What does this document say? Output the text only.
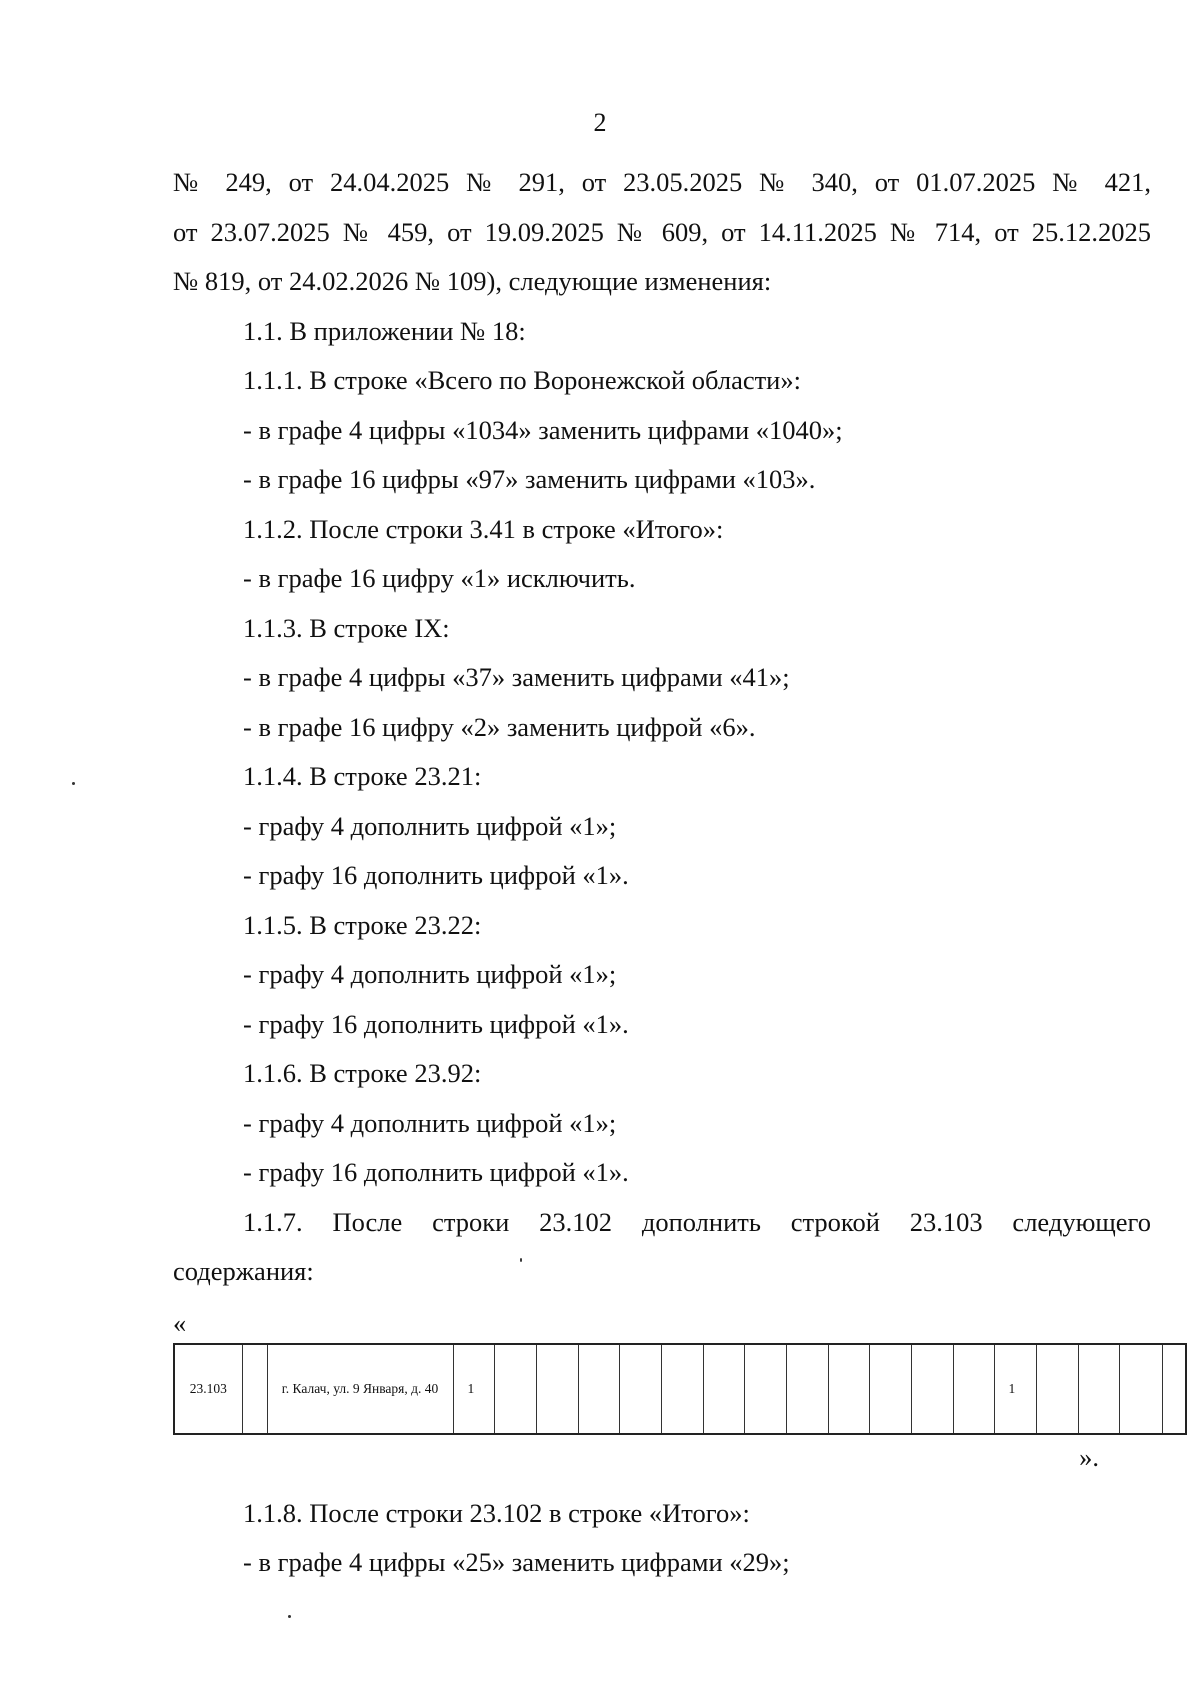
2

№ 249, от 24.04.2025 № 291, от 23.05.2025 № 340, от 01.07.2025 № 421,
от 23.07.2025 № 459, от 19.09.2025 № 609, от 14.11.2025 № 714, от 25.12.2025
№ 819, от 24.02.2026 № 109), следующие изменения:

1.1. В приложении № 18:

1.1.1. В строке «Всего по Воронежской области»:

- в графе 4 цифры «1034» заменить цифрами «1040»;

- в графе 16 цифры «97» заменить цифрами «103».

1.1.2. После строки 3.41 в строке «Итого»:

- в графе 16 цифру «1» исключить.

1.1.3. В строке IX:

- в графе 4 цифры «37» заменить цифрами «41»;

- в графе 16 цифру «2» заменить цифрой «6».

1.1.4. В строке 23.21:

- графу 4 дополнить цифрой «1»;

- графу 16 дополнить цифрой «1».

1.1.5. В строке 23.22:

- графу 4 дополнить цифрой «1»;

- графу 16 дополнить цифрой «1».

1.1.6. В строке 23.92:

- графу 4 дополнить цифрой «1»;

- графу 16 дополнить цифрой «1».

1.1.7. После строки 23.102 дополнить строкой 23.103 следующего

содержания:

«

23.103		г. Калач, ул. 9 Января, д. 40	1													1				

».

1.1.8. После строки 23.102 в строке «Итого»:

- в графе 4 цифры «25» заменить цифрами «29»;
